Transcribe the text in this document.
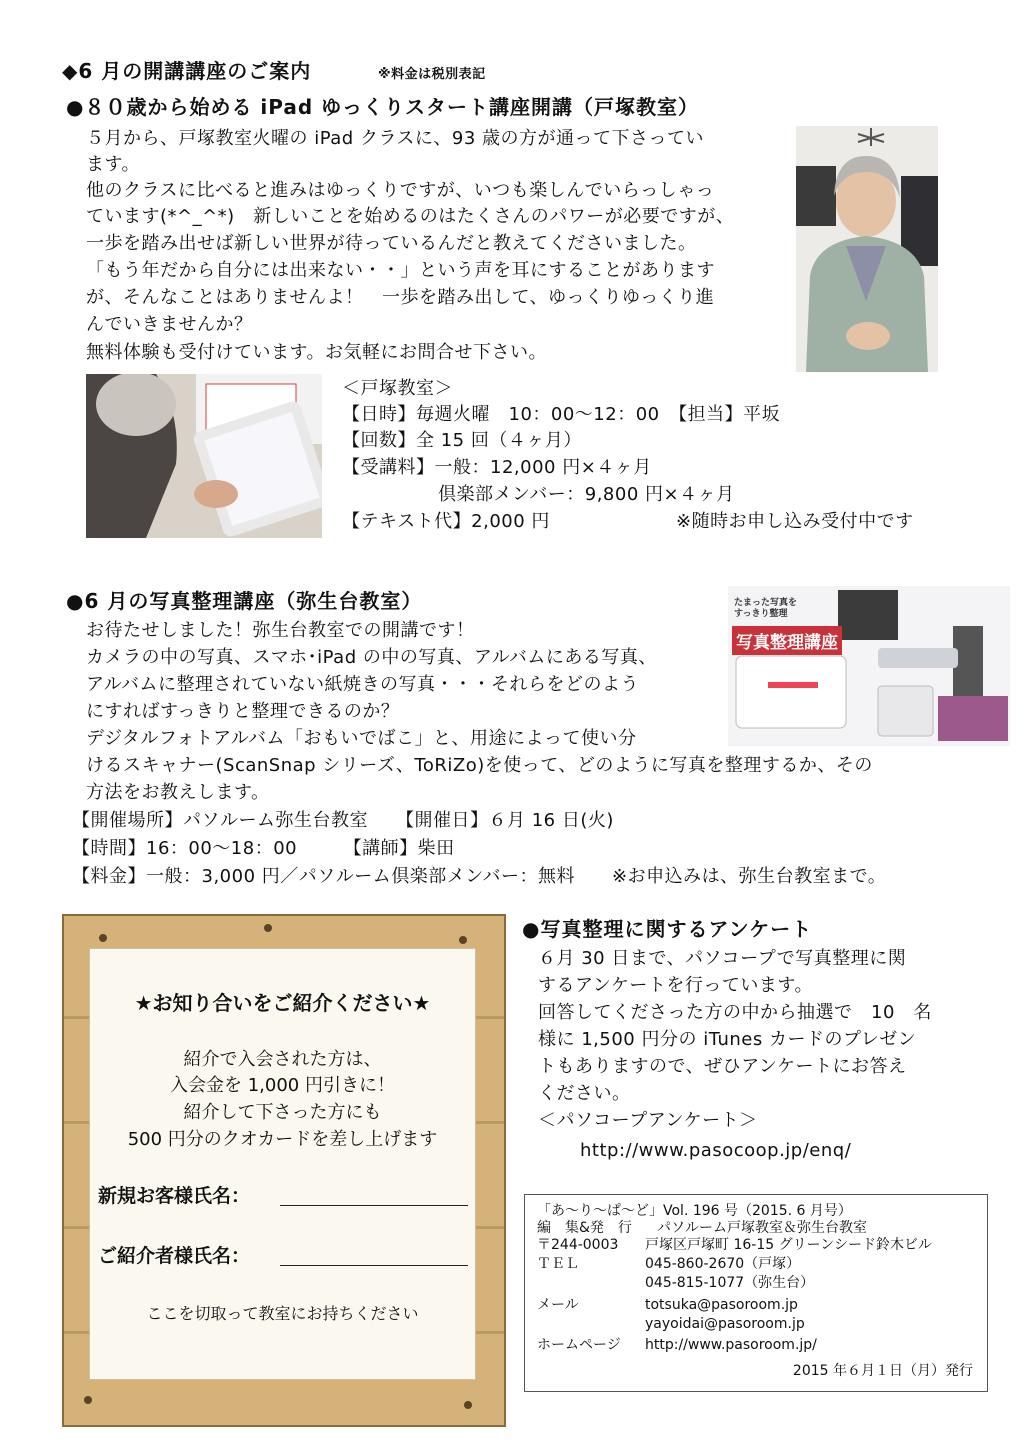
◆6 月の開講講座のご案内	※料金は税別表記
●８０歳から始める iPad ゆっくりスタート講座開講（戸塚教室）
５月から、戸塚教室火曜の iPad クラスに、93 歳の方が通って下さってい
ます。
他のクラスに比べると進みはゆっくりですが、いつも楽しんでいらっしゃっ
ています(*^_^*)　新しいことを始めるのはたくさんのパワーが必要ですが、
一歩を踏み出せば新しい世界が待っているんだと教えてくださいました。
「もう年だから自分には出来ない・・」という声を耳にすることがあります
が、そんなことはありませんよ！　一歩を踏み出して、ゆっくりゆっくり進
んでいきませんか？
無料体験も受付けています。お気軽にお問合せ下さい。
＜戸塚教室＞
【日時】毎週火曜　10：00～12：00　【担当】平坂
【回数】全 15 回（４ヶ月）
【受講料】一般：12,000 円×４ヶ月
倶楽部メンバー：9,800 円×４ヶ月
【テキスト代】2,000 円	※随時お申し込み受付中です
●6 月の写真整理講座（弥生台教室）
お待たせしました！弥生台教室での開講です！
カメラの中の写真、スマホ･iPad の中の写真、アルバムにある写真、
アルバムに整理されていない紙焼きの写真・・・それらをどのよう
にすればすっきりと整理できるのか？
デジタルフォトアルバム「おもいでばこ」と、用途によって使い分
けるスキャナー(ScanSnap シリーズ、ToRiZo)を使って、どのように写真を整理するか、その
方法をお教えします。
たまった写真を
すっきり整理
写真整理講座
【開催場所】パソルーム弥生台教室　　【開催日】６月 16 日(火)
【時間】16：00～18：00　　　【講師】柴田
【料金】一般：3,000 円／パソルーム倶楽部メンバー：無料　　※お申込みは、弥生台教室まで。
★お知り合いをご紹介ください★
紹介で入会された方は、
入会金を 1,000 円引きに！
紹介して下さった方にも
500 円分のクオカードを差し上げます
新規お客様氏名：
ご紹介者様氏名：
ここを切取って教室にお持ちください
●写真整理に関するアンケート
６月 30 日まで、パソコープで写真整理に関
するアンケートを行っています。
回答してくださった方の中から抽選で　10　名
様に 1,500 円分の iTunes カードのプレゼン
トもありますので、ぜひアンケートにお答え
ください。
＜パソコープアンケート＞
http://www.pasocoop.jp/enq/
「あ～り～ぱ～ど」Vol. 196 号（2015. 6 月号）
編　集&発　行 パソルーム戸塚教室＆弥生台教室
〒244-0003 戸塚区戸塚町 16-15 グリーンシード鈴木ビル
ＴＥＬ	045-860-2670（戸塚）
045-815-1077（弥生台）
メール	totsuka@pasoroom.jp
yayoidai@pasoroom.jp
ホームページ http://www.pasoroom.jp/
2015 年６月１日（月）発行
